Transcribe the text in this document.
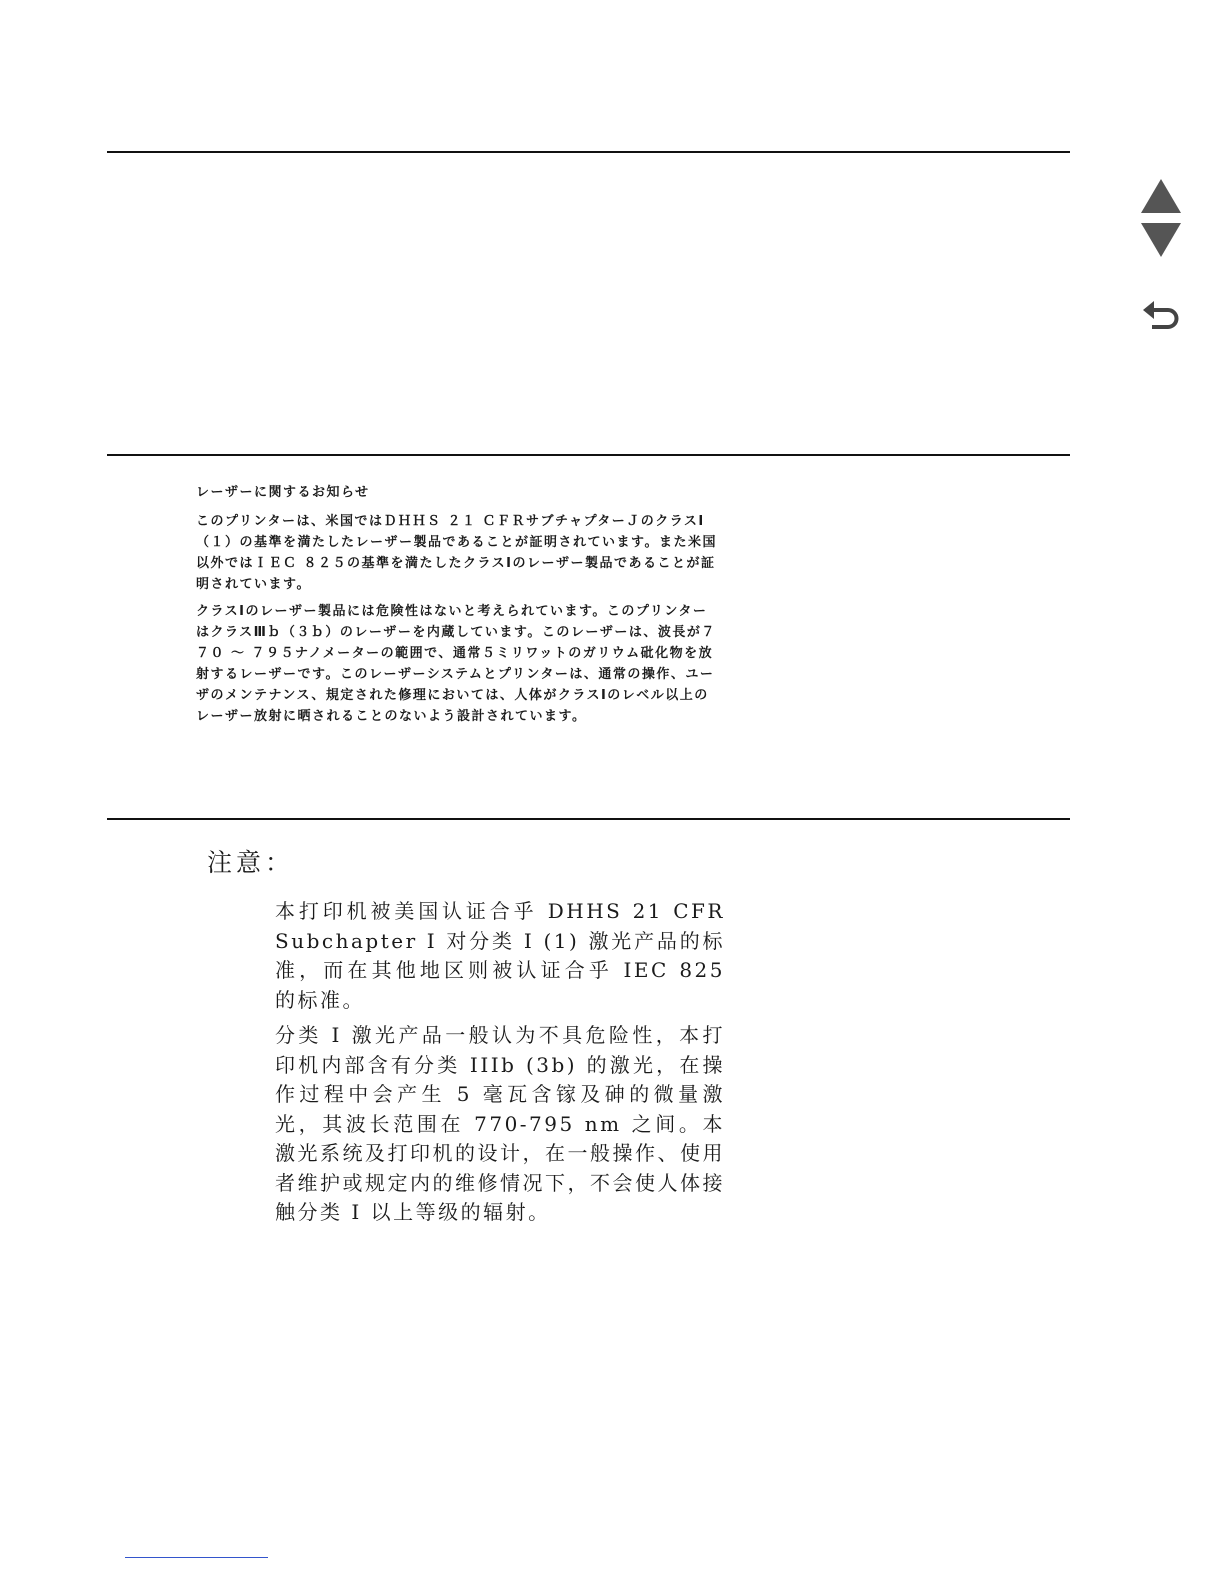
レーザーに関するお知らせ

このプリンターは、米国ではＤＨＨＳ ２１ ＣＦＲサブチャプターＪのクラスⅠ（１）の基準を満たしたレーザー製品であることが証明されています。また米国以外ではＩＥＣ ８２５の基準を満たしたクラスⅠのレーザー製品であることが証明されています。

クラスⅠのレーザー製品には危険性はないと考えられています。このプリンターはクラスⅢｂ（３ｂ）のレーザーを内蔵しています。このレーザーは、波長が７７０ ～ ７９５ナノメーターの範囲で、通常５ミリワットのガリウム砒化物を放射するレーザーです。このレーザーシステムとプリンターは、通常の操作、ユーザのメンテナンス、規定された修理においては、人体がクラスⅠのレベル以上のレーザー放射に晒されることのないよう設計されています。

注意：

本打印机被美国认证合乎 DHHS 21 CFR Subchapter I 对分类 I (1) 激光产品的标准，而在其他地区则被认证合乎 IEC 825 的标准。

分类 I 激光产品一般认为不具危险性，本打印机内部含有分类 IIIb (3b) 的激光，在操作过程中会产生 5 毫瓦含镓及砷的微量激光，其波长范围在 770-795 nm 之间。本激光系统及打印机的设计，在一般操作、使用者维护或规定内的维修情况下，不会使人体接触分类 I 以上等级的辐射。
